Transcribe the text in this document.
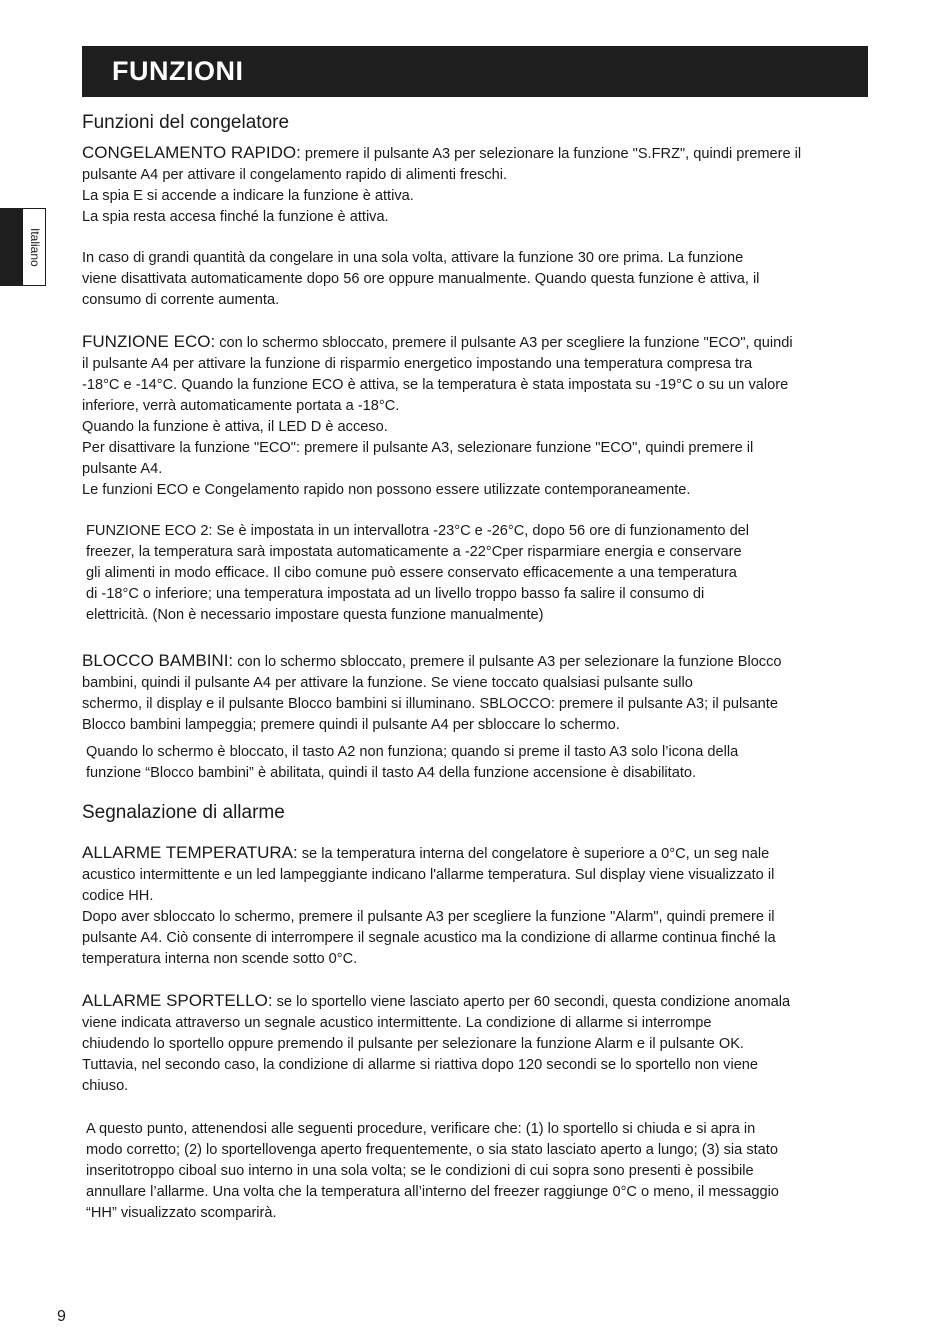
FUNZIONI
Italiano
Funzioni del congelatore
CONGELAMENTO RAPIDO: premere il pulsante A3 per selezionare la funzione "S.FRZ", quindi premere il
pulsante A4 per attivare il congelamento rapido di alimenti freschi.
La spia E si accende a indicare la funzione è attiva.
La spia resta accesa finché la funzione è attiva.
In caso di grandi quantità da congelare in una sola volta, attivare la funzione 30 ore prima. La funzione
viene disattivata automaticamente dopo 56 ore oppure manualmente. Quando questa funzione è attiva, il
consumo di corrente aumenta.
FUNZIONE ECO: con lo schermo sbloccato, premere il pulsante A3 per scegliere la funzione "ECO", quindi
il pulsante A4 per attivare la funzione di risparmio energetico impostando una temperatura compresa tra
-18°C e -14°C. Quando la funzione ECO è attiva, se la temperatura è stata impostata su -19°C o su un valore
inferiore, verrà automaticamente portata a -18°C.
Quando la funzione è attiva, il LED D è acceso.
Per disattivare la funzione "ECO": premere il pulsante A3, selezionare funzione "ECO", quindi premere il
pulsante A4.
Le funzioni ECO e Congelamento rapido non possono essere utilizzate contemporaneamente.
FUNZIONE ECO 2: Se è impostata in un intervallotra -23°C e -26°C, dopo 56 ore di funzionamento del
freezer, la temperatura sarà impostata automaticamente a -22°Cper risparmiare energia e conservare
gli alimenti in modo efficace. Il cibo comune può essere conservato efficacemente a una temperatura
di -18°C o inferiore; una temperatura impostata ad un livello troppo basso fa salire il consumo di
elettricità. (Non è necessario impostare questa funzione manualmente)
BLOCCO BAMBINI: con lo schermo sbloccato, premere il pulsante A3 per selezionare la funzione Blocco
bambini, quindi il pulsante A4 per attivare la funzione. Se viene toccato qualsiasi pulsante sullo
schermo, il display e il pulsante Blocco bambini si illuminano. SBLOCCO: premere il pulsante A3; il pulsante
Blocco bambini lampeggia; premere quindi il pulsante A4 per sbloccare lo schermo.
Quando lo schermo è bloccato, il tasto A2 non funziona; quando si preme il tasto A3 solo l’icona della
funzione “Blocco bambini” è abilitata, quindi il tasto A4 della funzione accensione è disabilitato.
Segnalazione di allarme
ALLARME TEMPERATURA: se la temperatura interna del congelatore è superiore a 0°C, un seg nale
acustico intermittente e un led lampeggiante indicano l'allarme temperatura. Sul display viene visualizzato il
codice HH.
Dopo aver sbloccato lo schermo, premere il pulsante A3 per scegliere la funzione "Alarm", quindi premere il
pulsante A4. Ciò consente di interrompere il segnale acustico ma la condizione di allarme continua finché la
temperatura interna non scende sotto 0°C.
ALLARME SPORTELLO: se lo sportello viene lasciato aperto per 60 secondi, questa condizione anomala
viene indicata attraverso un segnale acustico intermittente. La condizione di allarme si interrompe
chiudendo lo sportello oppure premendo il pulsante per selezionare la funzione Alarm e il pulsante OK.
Tuttavia, nel secondo caso, la condizione di allarme si riattiva dopo 120 secondi se lo sportello non viene
chiuso.
A questo punto, attenendosi alle seguenti procedure, verificare che: (1) lo sportello si chiuda e si apra in
modo corretto; (2) lo sportellovenga aperto frequentemente, o sia stato lasciato aperto a lungo; (3) sia stato
inseritotroppo ciboal suo interno in una sola volta; se le condizioni di cui sopra sono presenti è possibile
annullare l’allarme. Una volta che la temperatura all’interno del freezer raggiunge 0°C o meno, il messaggio
“HH” visualizzato scomparirà.
9
